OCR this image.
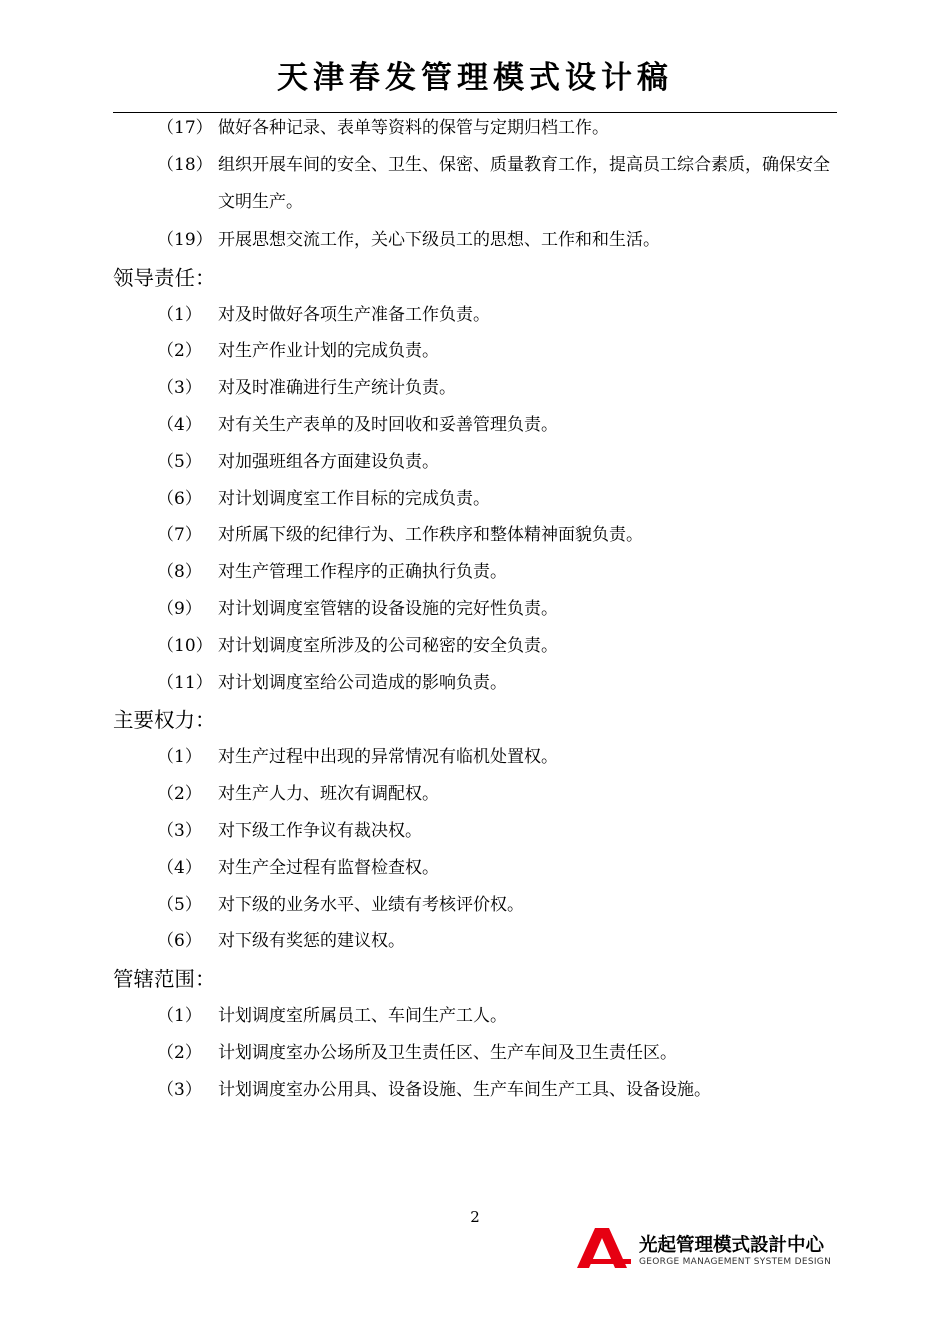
天津春发管理模式设计稿
（17） 做好各种记录、表单等资料的保管与定期归档工作。
（18） 组织开展车间的安全、卫生、保密、质量教育工作，提高员工综合素质，确保安全文明生产。
（19） 开展思想交流工作，关心下级员工的思想、工作和和生活。
领导责任：
（1） 对及时做好各项生产准备工作负责。
（2） 对生产作业计划的完成负责。
（3） 对及时准确进行生产统计负责。
（4） 对有关生产表单的及时回收和妥善管理负责。
（5） 对加强班组各方面建设负责。
（6） 对计划调度室工作目标的完成负责。
（7） 对所属下级的纪律行为、工作秩序和整体精神面貌负责。
（8） 对生产管理工作程序的正确执行负责。
（9） 对计划调度室管辖的设备设施的完好性负责。
（10） 对计划调度室所涉及的公司秘密的安全负责。
（11） 对计划调度室给公司造成的影响负责。
主要权力：
（1） 对生产过程中出现的异常情况有临机处置权。
（2） 对生产人力、班次有调配权。
（3） 对下级工作争议有裁决权。
（4） 对生产全过程有监督检查权。
（5） 对下级的业务水平、业绩有考核评价权。
（6） 对下级有奖惩的建议权。
管辖范围：
（1） 计划调度室所属员工、车间生产工人。
（2） 计划调度室办公场所及卫生责任区、生产车间及卫生责任区。
（3） 计划调度室办公用具、设备设施、生产车间生产工具、设备设施。
2
光起管理模式設計中心
GEORGE MANAGEMENT SYSTEM DESIGN
